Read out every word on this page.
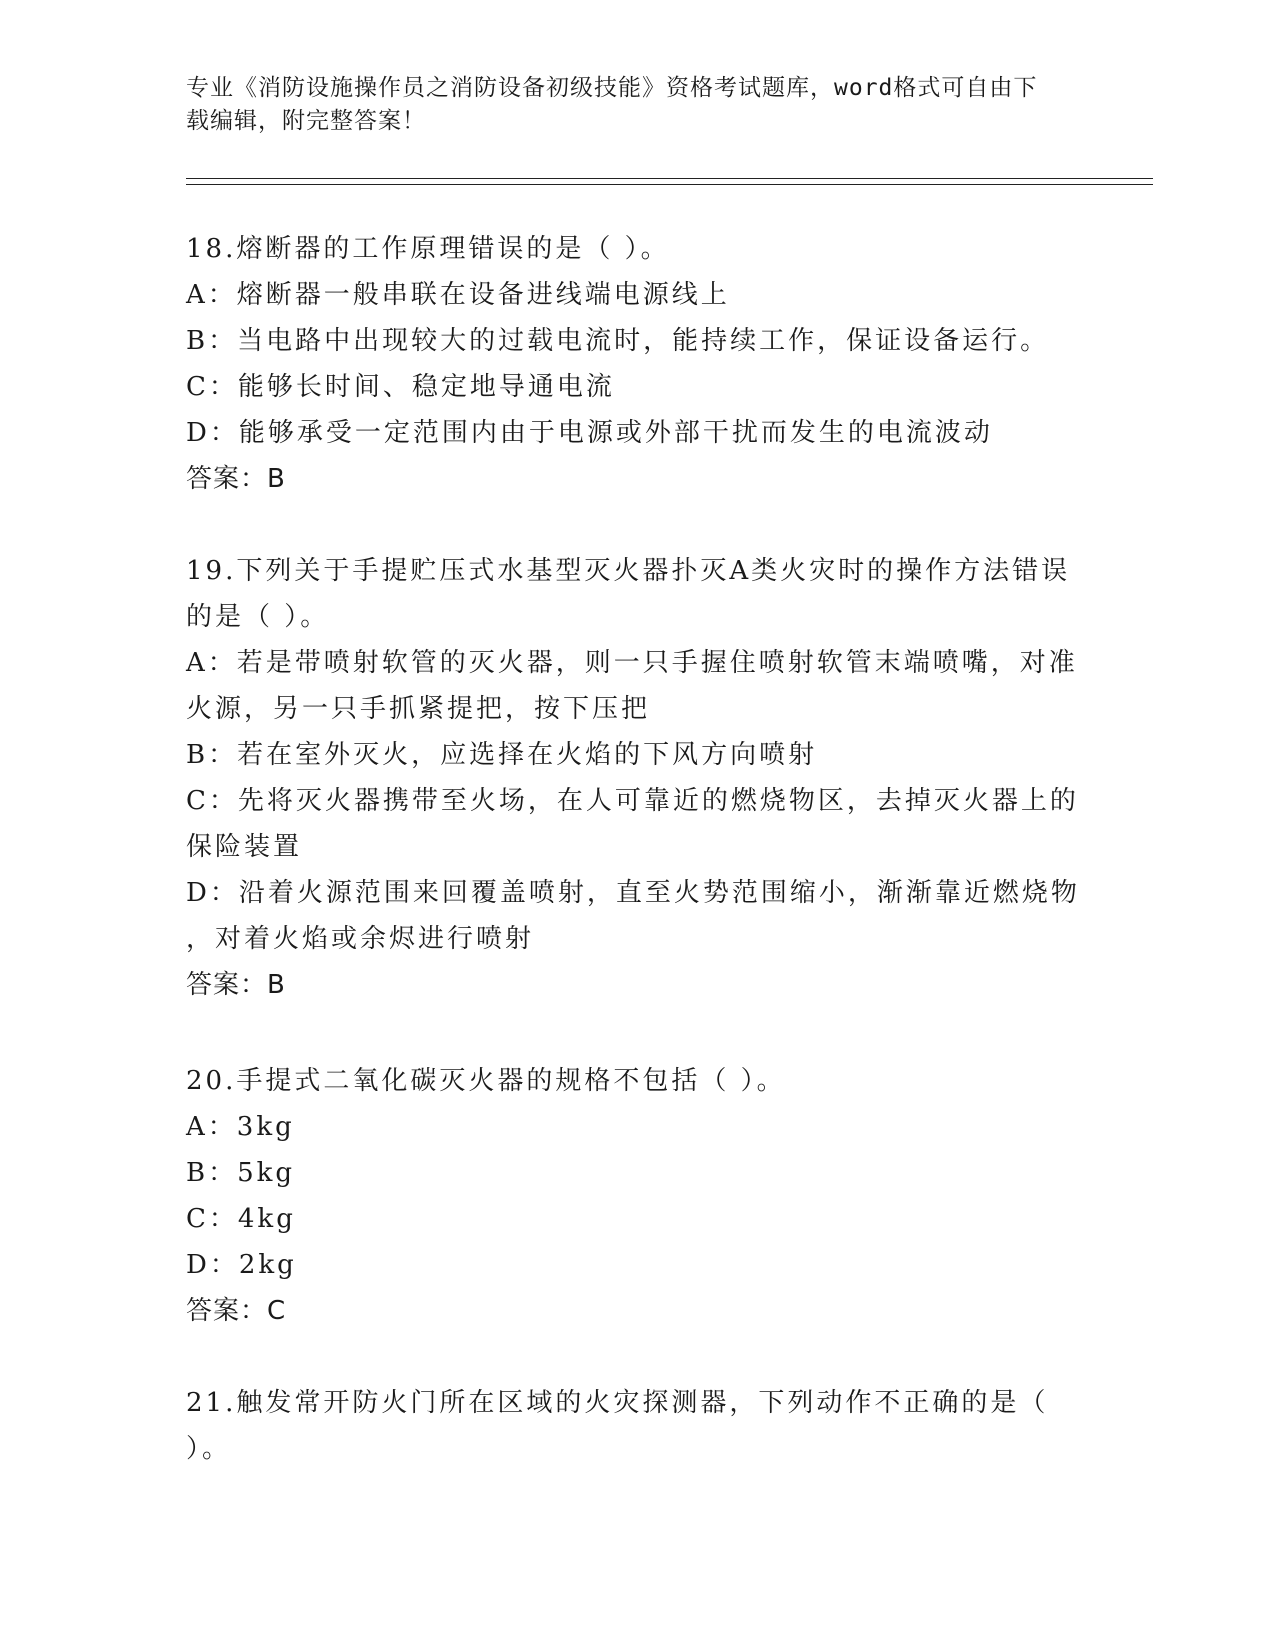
专业《消防设施操作员之消防设备初级技能》资格考试题库，word格式可自由下
载编辑，附完整答案！
18.熔断器的工作原理错误的是（ ）。
A：熔断器一般串联在设备进线端电源线上
B：当电路中出现较大的过载电流时，能持续工作，保证设备运行。
C：能够长时间、稳定地导通电流
D：能够承受一定范围内由于电源或外部干扰而发生的电流波动
答案：B
19.下列关于手提贮压式水基型灭火器扑灭A类火灾时的操作方法错误
的是（ ）。
A：若是带喷射软管的灭火器，则一只手握住喷射软管末端喷嘴，对准
火源，另一只手抓紧提把，按下压把
B：若在室外灭火，应选择在火焰的下风方向喷射
C：先将灭火器携带至火场，在人可靠近的燃烧物区，去掉灭火器上的
保险装置
D：沿着火源范围来回覆盖喷射，直至火势范围缩小，渐渐靠近燃烧物
，对着火焰或余烬进行喷射
答案：B
20.手提式二氧化碳灭火器的规格不包括（ ）。
A：3kg
B：5kg
C：4kg
D：2kg
答案：C
21.触发常开防火门所在区域的火灾探测器，下列动作不正确的是（
）。
